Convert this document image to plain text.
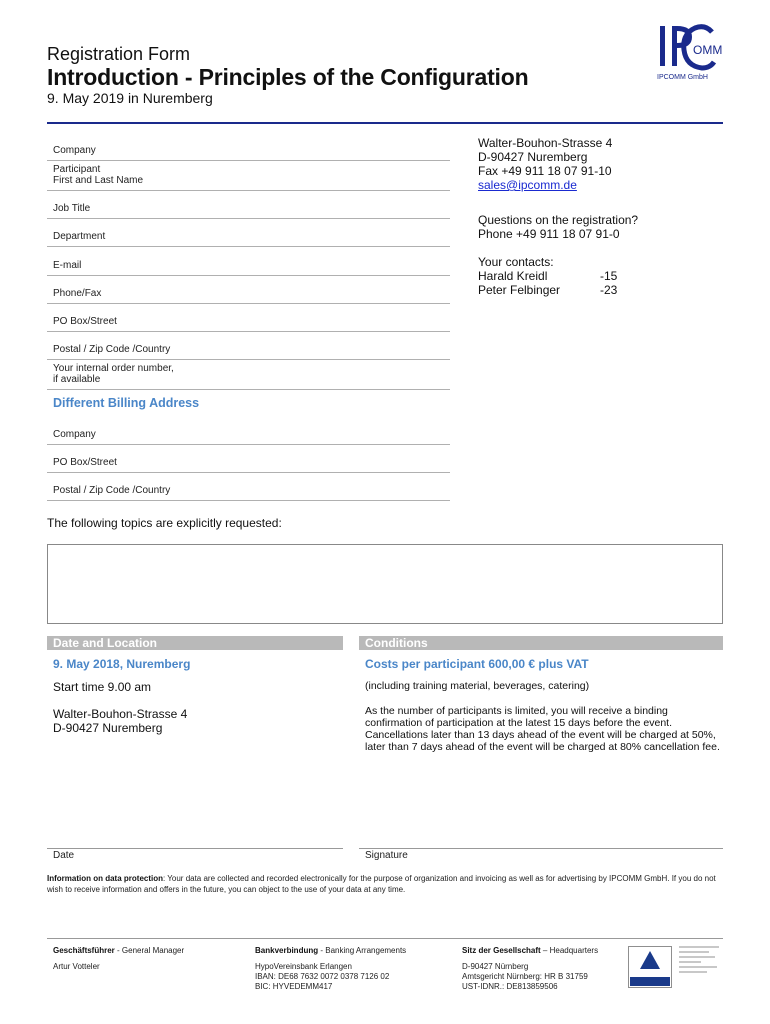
Registration Form
Introduction - Principles of the Configuration
9. May 2019 in Nuremberg
OMM
IPCOMM GmbH
Company
Participant
First and Last Name
Job Title
Department
E-mail
Phone/Fax
PO Box/Street
Postal / Zip Code /Country
Your internal order number,
if available
Different Billing Address
Company
PO Box/Street
Postal / Zip Code /Country
Walter-Bouhon-Strasse 4
D-90427 Nuremberg
Fax +49 911 18 07 91-10
sales@ipcomm.de
Questions on the registration?
Phone +49 911 18 07 91-0
Your contacts:
Harald Kreidl	-15
Peter Felbinger	-23
The following topics are explicitly requested:
Date and Location	Conditions
9. May 2018, Nuremberg
Start time 9.00 am
Walter-Bouhon-Strasse 4
D-90427 Nuremberg
Costs per participant 600,00 € plus VAT
(including training material, beverages, catering)
As the number of participants is limited, you will receive a binding confirmation of participation at the latest 15 days before the event. Cancellations later than 13 days ahead of the event will be charged at 50%, later than 7 days ahead of the event will be charged at 80% cancellation fee.
Date	Signature
Information on data protection: Your data are collected and recorded electronically for the purpose of organization and invoicing as well as for advertising by IPCOMM GmbH. If you do not wish to receive information and offers in the future, you can object to the use of your data at any time.
Geschäftsführer - General Manager
Artur Votteler
Bankverbindung - Banking Arrangements
HypoVereinsbank Erlangen
IBAN: DE68 7632 0072 0378 7126 02
BIC: HYVEDEMM417
Sitz der Gesellschaft – Headquarters
D-90427 Nürnberg
Amtsgericht Nürnberg: HR B 31759
UST-IDNR.: DE813859506
